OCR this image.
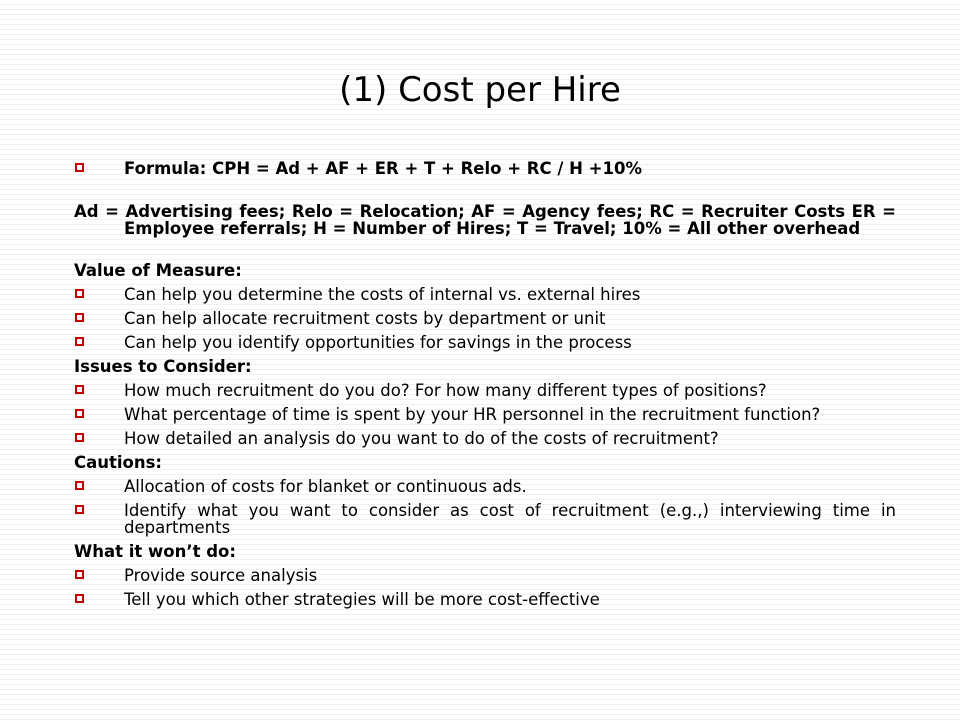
(1) Cost per Hire
Formula: CPH = Ad + AF + ER + T + Relo + RC / H +10%
Ad = Advertising fees; Relo = Relocation; AF = Agency fees; RC = Recruiter Costs ER = Employee referrals; H = Number of Hires; T = Travel; 10% = All other overhead
Value of Measure:
Can help you determine the costs of internal vs. external hires
Can help allocate recruitment costs by department or unit
Can help you identify opportunities for savings in the process
Issues to Consider:
How much recruitment do you do? For how many different types of positions?
What percentage of time is spent by your HR personnel in the recruitment function?
How detailed an analysis do you want to do of the costs of recruitment?
Cautions:
Allocation of costs for blanket or continuous ads.
Identify what you want to consider as cost of recruitment (e.g.,) interviewing time in departments
What it won’t do:
Provide source analysis
Tell you which other strategies will be more cost-effective
